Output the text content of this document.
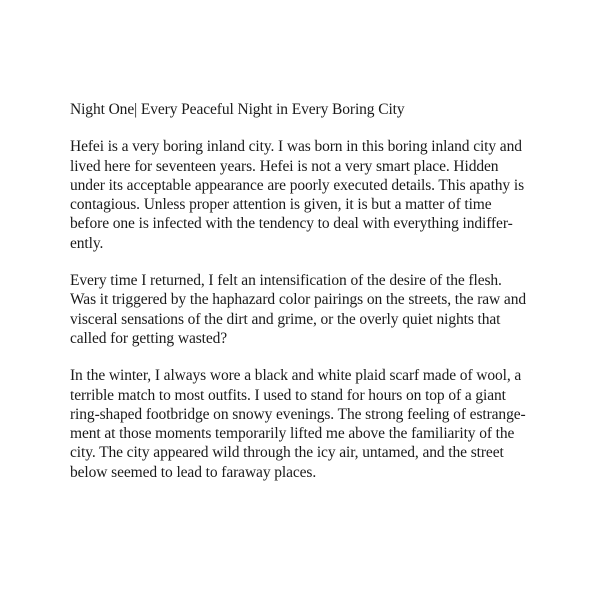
Night One| Every Peaceful Night in Every Boring City

Hefei is a very boring inland city. I was born in this boring inland city and
lived here for seventeen years. Hefei is not a very smart place. Hidden
under its acceptable appearance are poorly executed details. This apathy is
contagious. Unless proper attention is given, it is but a matter of time
before one is infected with the tendency to deal with everything indiffer-
ently.

Every time I returned, I felt an intensification of the desire of the flesh.
Was it triggered by the haphazard color pairings on the streets, the raw and
visceral sensations of the dirt and grime, or the overly quiet nights that
called for getting wasted?

In the winter, I always wore a black and white plaid scarf made of wool, a
terrible match to most outfits. I used to stand for hours on top of a giant
ring-shaped footbridge on snowy evenings. The strong feeling of estrange-
ment at those moments temporarily lifted me above the familiarity of the
city. The city appeared wild through the icy air, untamed, and the street
below seemed to lead to faraway places.
